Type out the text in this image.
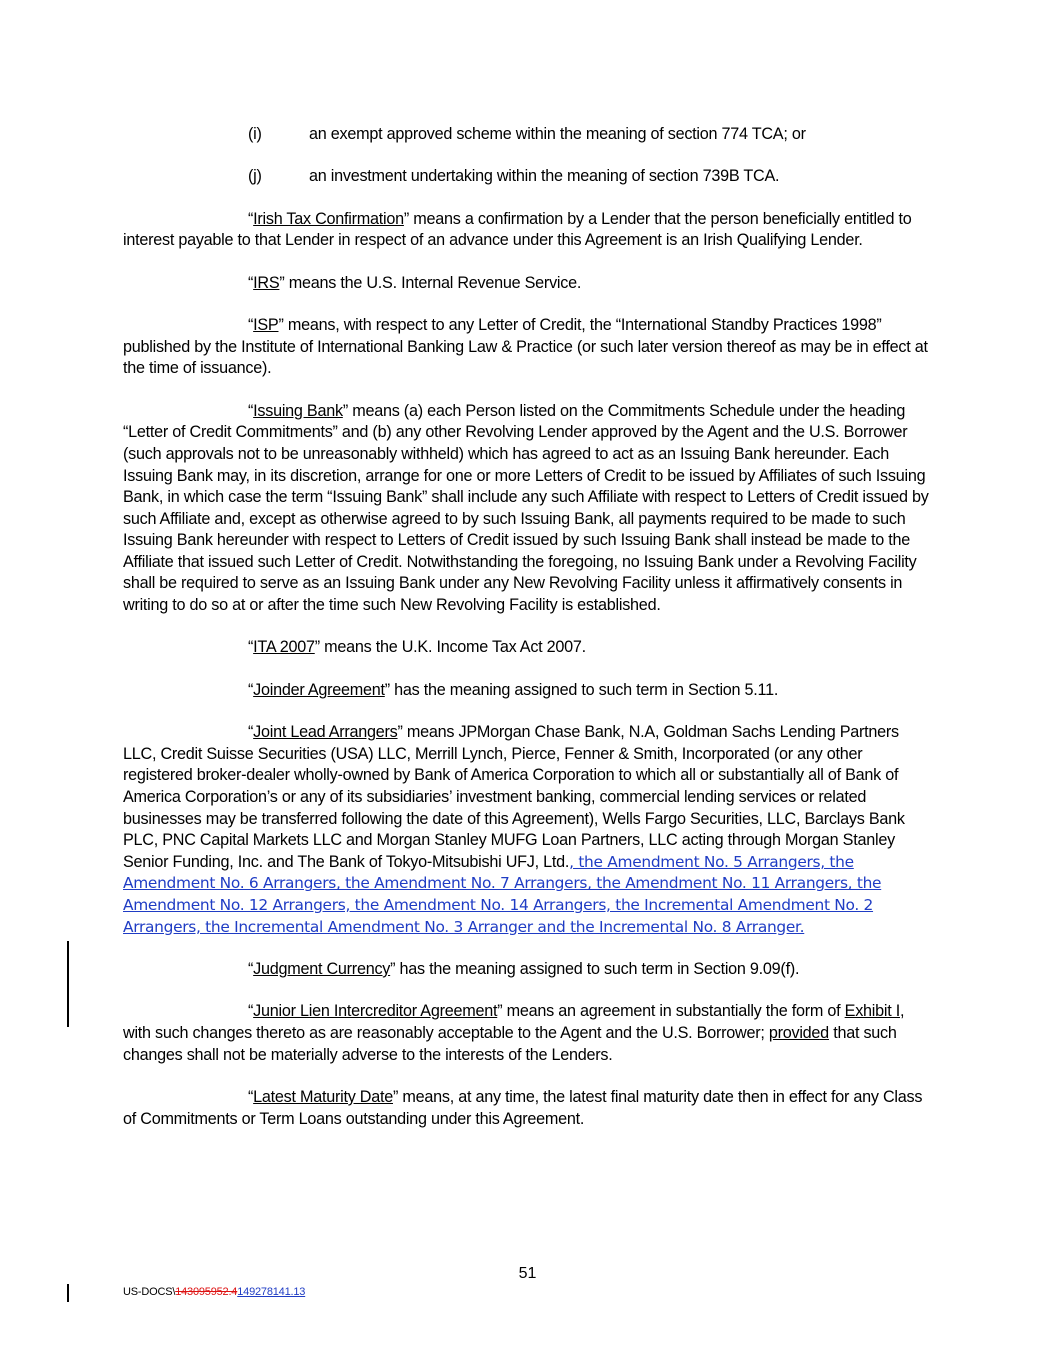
(i)	an exempt approved scheme within the meaning of section 774 TCA; or
(j)	an investment undertaking within the meaning of section 739B TCA.

“Irish Tax Confirmation” means a confirmation by a Lender that the person beneficially entitled to interest payable to that Lender in respect of an advance under this Agreement is an Irish Qualifying Lender.

“IRS” means the U.S. Internal Revenue Service.

“ISP” means, with respect to any Letter of Credit, the “International Standby Practices 1998” published by the Institute of International Banking Law & Practice (or such later version thereof as may be in effect at the time of issuance).

“Issuing Bank” means (a) each Person listed on the Commitments Schedule under the heading “Letter of Credit Commitments” and (b) any other Revolving Lender approved by the Agent and the U.S. Borrower (such approvals not to be unreasonably withheld) which has agreed to act as an Issuing Bank hereunder. Each Issuing Bank may, in its discretion, arrange for one or more Letters of Credit to be issued by Affiliates of such Issuing Bank, in which case the term “Issuing Bank” shall include any such Affiliate with respect to Letters of Credit issued by such Affiliate and, except as otherwise agreed to by such Issuing Bank, all payments required to be made to such Issuing Bank hereunder with respect to Letters of Credit issued by such Issuing Bank shall instead be made to the Affiliate that issued such Letter of Credit. Notwithstanding the foregoing, no Issuing Bank under a Revolving Facility shall be required to serve as an Issuing Bank under any New Revolving Facility unless it affirmatively consents in writing to do so at or after the time such New Revolving Facility is established.

“ITA 2007” means the U.K. Income Tax Act 2007.

“Joinder Agreement” has the meaning assigned to such term in Section 5.11.

“Joint Lead Arrangers” means JPMorgan Chase Bank, N.A, Goldman Sachs Lending Partners LLC, Credit Suisse Securities (USA) LLC, Merrill Lynch, Pierce, Fenner & Smith, Incorporated (or any other registered broker-dealer wholly-owned by Bank of America Corporation to which all or substantially all of Bank of America Corporation’s or any of its subsidiaries’ investment banking, commercial lending services or related businesses may be transferred following the date of this Agreement), Wells Fargo Securities, LLC, Barclays Bank PLC, PNC Capital Markets LLC and Morgan Stanley MUFG Loan Partners, LLC acting through Morgan Stanley Senior Funding, Inc. and The Bank of Tokyo-Mitsubishi UFJ, Ltd., the Amendment No. 5 Arrangers, the Amendment No. 6 Arrangers, the Amendment No. 7 Arrangers, the Amendment No. 11 Arrangers, the Amendment No. 12 Arrangers, the Amendment No. 14 Arrangers, the Incremental Amendment No. 2 Arrangers, the Incremental Amendment No. 3 Arranger and the Incremental No. 8 Arranger.

“Judgment Currency” has the meaning assigned to such term in Section 9.09(f).

“Junior Lien Intercreditor Agreement” means an agreement in substantially the form of Exhibit I, with such changes thereto as are reasonably acceptable to the Agent and the U.S. Borrower; provided that such changes shall not be materially adverse to the interests of the Lenders.

“Latest Maturity Date” means, at any time, the latest final maturity date then in effect for any Class of Commitments or Term Loans outstanding under this Agreement.

51
US-DOCS\143095952.4149278141.13
